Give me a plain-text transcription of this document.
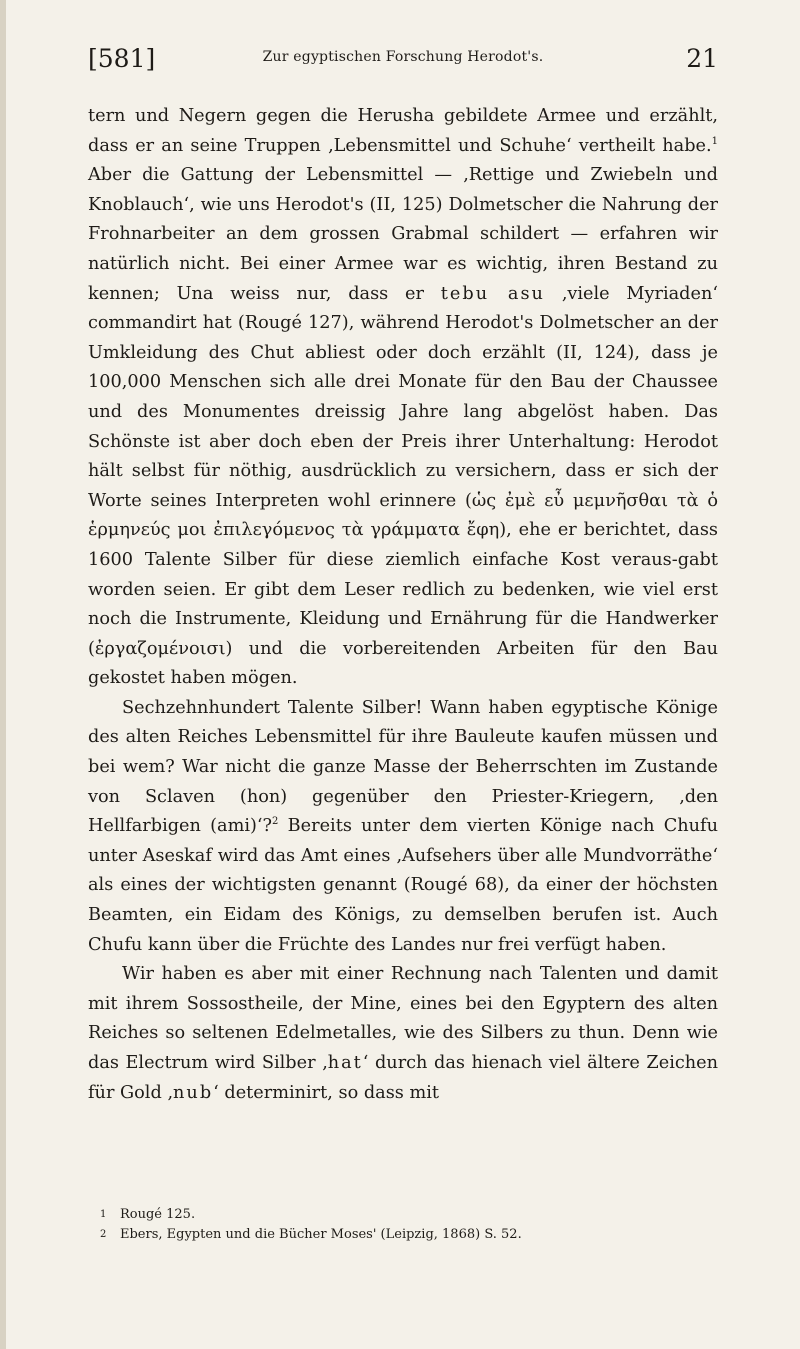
[581]	Zur egyptischen Forschung Herodot's.	21

tern und Negern gegen die Herusha gebildete Armee und erzählt, dass er an seine Truppen ‚Lebensmittel und Schuhe‘ vertheilt habe.$^1$ Aber die Gattung der Lebensmittel — ‚Rettige und Zwiebeln und Knoblauch‘, wie uns Herodot's (II, 125) Dolmetscher die Nahrung der Frohnarbeiter an dem grossen Grabmal schildert — erfahren wir natürlich nicht. Bei einer Armee war es wichtig, ihren Bestand zu kennen; Una weiss nur, dass er tebu asu ‚viele Myriaden‘ commandirt hat (Rougé 127), während Herodot's Dolmetscher an der Umkleidung des Chut abliest oder doch erzählt (II, 124), dass je 100,000 Menschen sich alle drei Monate für den Bau der Chaussee und des Monumentes dreissig Jahre lang abgelöst haben. Das Schönste ist aber doch eben der Preis ihrer Unterhaltung: Herodot hält selbst für nöthig, ausdrücklich zu versichern, dass er sich der Worte seines Interpreten wohl erinnere (ὡς ἐμὲ εὖ μεμνῆσθαι τὰ ὁ ἑρμηνεύς μοι ἐπιλεγόμενος τὰ γράμματα ἔφη), ehe er berichtet, dass 1600 Talente Silber für diese ziemlich einfache Kost veraus-gabt worden seien. Er gibt dem Leser redlich zu bedenken, wie viel erst noch die Instrumente, Kleidung und Ernährung für die Handwerker (ἐργαζομένοισι) und die vorbereitenden Arbeiten für den Bau gekostet haben mögen.

Sechzehnhundert Talente Silber! Wann haben egyptische Könige des alten Reiches Lebensmittel für ihre Bauleute kaufen müssen und bei wem? War nicht die ganze Masse der Beherrschten im Zustande von Sclaven (hon) gegenüber den Priester-Kriegern, ‚den Hellfarbigen (ami)‘?$^2$ Bereits unter dem vierten Könige nach Chufu unter Aseskaf wird das Amt eines ‚Aufsehers über alle Mundvorräthe‘ als eines der wichtigsten genannt (Rougé 68), da einer der höchsten Beamten, ein Eidam des Königs, zu demselben berufen ist. Auch Chufu kann über die Früchte des Landes nur frei verfügt haben.

Wir haben es aber mit einer Rechnung nach Talenten und damit mit ihrem Sossostheile, der Mine, eines bei den Egyptern des alten Reiches so seltenen Edelmetalles, wie des Silbers zu thun. Denn wie das Electrum wird Silber ‚hat‘ durch das hienach viel ältere Zeichen für Gold ‚nub‘ determinirt, so dass mit

1	Rougé 125.
2	Ebers, Egypten und die Bücher Moses' (Leipzig, 1868) S. 52.
